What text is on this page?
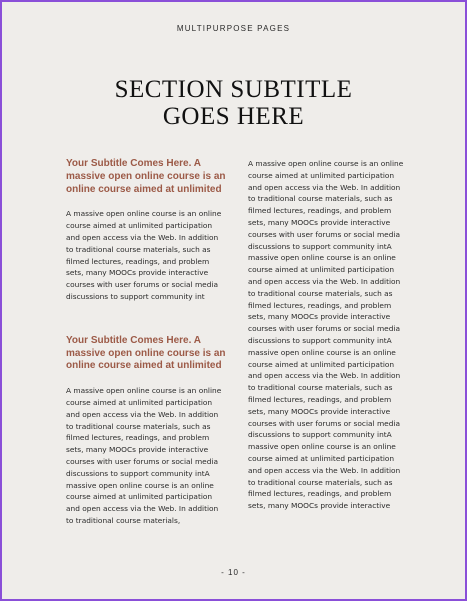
MULTIPURPOSE PAGES
SECTION SUBTITLE
GOES HERE

Your Subtitle Comes Here. A massive open online course is an online course aimed at unlimited

A massive open online course is an online course aimed at unlimited participation and open access via the Web. In addition to traditional course materials, such as filmed lectures, readings, and problem sets, many MOOCs provide interactive courses with user forums or social media discussions to support community int

Your Subtitle Comes Here. A massive open online course is an online course aimed at unlimited

A massive open online course is an online course aimed at unlimited participation and open access via the Web. In addition to traditional course materials, such as filmed lectures, readings, and problem sets, many MOOCs provide interactive courses with user forums or social media discussions to support community intA massive open online course is an online course aimed at unlimited participation and open access via the Web. In addition to traditional course materials,

A massive open online course is an online course aimed at unlimited participation and open access via the Web. In addition to traditional course materials, such as filmed lectures, readings, and problem sets, many MOOCs provide interactive courses with user forums or social media discussions to support community intA massive open online course is an online course aimed at unlimited participation and open access via the Web. In addition to traditional course materials, such as filmed lectures, readings, and problem sets, many MOOCs provide interactive courses with user forums or social media discussions to support community intA massive open online course is an online course aimed at unlimited participation and open access via the Web. In addition to traditional course materials, such as filmed lectures, readings, and problem sets, many MOOCs provide interactive courses with user forums or social media discussions to support community intA massive open online course is an online course aimed at unlimited participation and open access via the Web. In addition to traditional course materials, such as filmed lectures, readings, and problem sets, many MOOCs provide interactive

- 10 -
